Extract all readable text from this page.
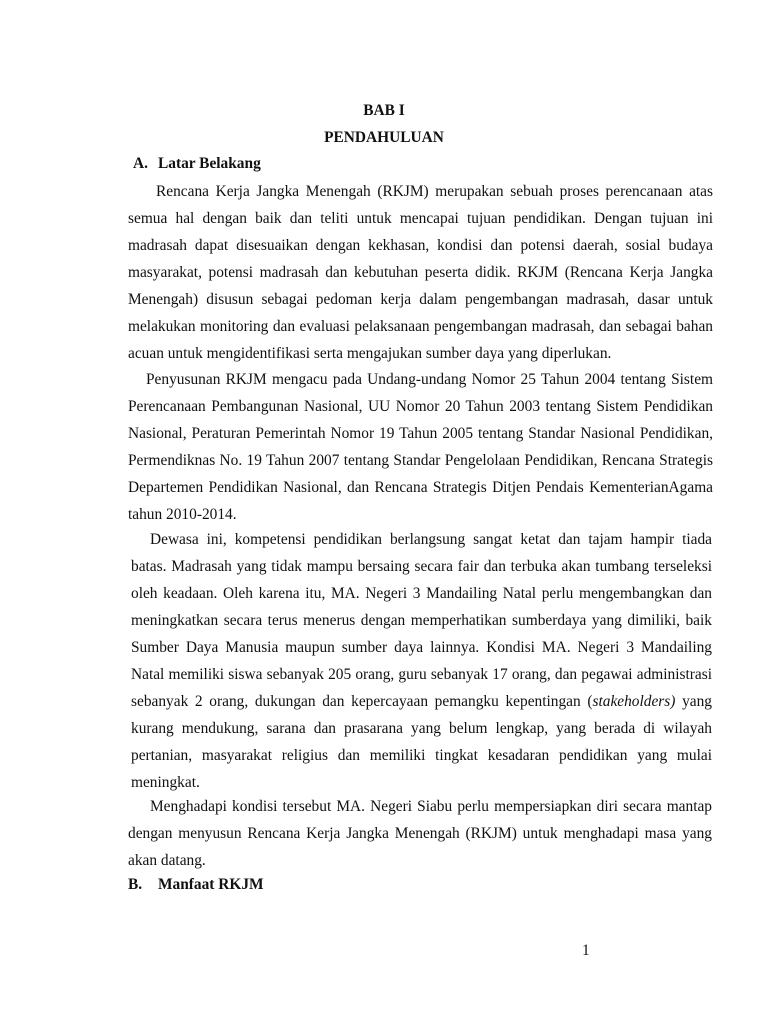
BAB I
PENDAHULUAN
A. Latar Belakang
Rencana Kerja Jangka Menengah (RKJM) merupakan sebuah proses perencanaan atas
semua hal dengan baik dan teliti untuk mencapai tujuan pendidikan. Dengan tujuan ini
madrasah dapat disesuaikan dengan kekhasan, kondisi dan potensi daerah, sosial budaya
masyarakat, potensi madrasah dan kebutuhan peserta didik. RKJM (Rencana Kerja Jangka
Menengah) disusun sebagai pedoman kerja dalam pengembangan madrasah, dasar untuk
melakukan monitoring dan evaluasi pelaksanaan pengembangan madrasah, dan sebagai bahan
acuan untuk mengidentifikasi serta mengajukan sumber daya yang diperlukan.
Penyusunan RKJM mengacu pada Undang-undang Nomor 25 Tahun 2004 tentang Sistem
Perencanaan Pembangunan Nasional, UU Nomor 20 Tahun 2003 tentang Sistem Pendidikan
Nasional, Peraturan Pemerintah Nomor 19 Tahun 2005 tentang Standar Nasional Pendidikan,
Permendiknas No. 19 Tahun 2007 tentang Standar Pengelolaan Pendidikan, Rencana Strategis
Departemen Pendidikan Nasional, dan Rencana Strategis Ditjen Pendais KementerianAgama
tahun 2010-2014.
Dewasa ini, kompetensi pendidikan berlangsung sangat ketat dan tajam hampir tiada
batas. Madrasah yang tidak mampu bersaing secara fair dan terbuka akan tumbang terseleksi
oleh keadaan. Oleh karena itu, MA. Negeri 3 Mandailing Natal perlu mengembangkan dan
meningkatkan secara terus menerus dengan memperhatikan sumberdaya yang dimiliki, baik
Sumber Daya Manusia maupun sumber daya lainnya. Kondisi MA. Negeri 3 Mandailing
Natal memiliki siswa sebanyak 205 orang, guru sebanyak 17 orang, dan pegawai administrasi
sebanyak 2 orang, dukungan dan kepercayaan pemangku kepentingan (stakeholders) yang
kurang mendukung, sarana dan prasarana yang belum lengkap, yang berada di wilayah
pertanian, masyarakat religius dan memiliki tingkat kesadaran pendidikan yang mulai
meningkat.
Menghadapi kondisi tersebut MA. Negeri Siabu perlu mempersiapkan diri secara mantap
dengan menyusun Rencana Kerja Jangka Menengah (RKJM) untuk menghadapi masa yang
akan datang.
B. Manfaat RKJM
1
